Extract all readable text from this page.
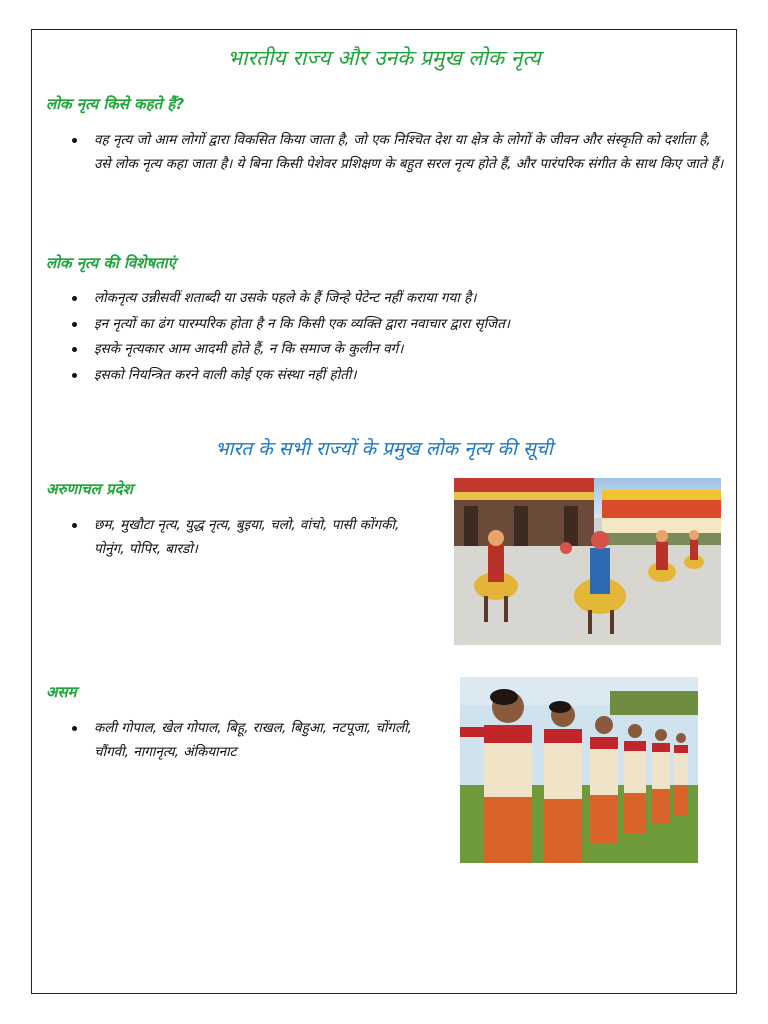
भारतीय राज्य और उनके प्रमुख लोक नृत्य
लोक नृत्य किसे कहते हैं?
वह नृत्य जो आम लोगों द्वारा विकसित किया जाता है, जो एक निश्चित देश या क्षेत्र के लोगों के जीवन और संस्कृति को दर्शाता है, उसे लोक नृत्य कहा जाता है। ये बिना किसी पेशेवर प्रशिक्षण के बहुत सरल नृत्य होते हैं, और पारंपरिक संगीत के साथ किए जाते हैं।
लोक नृत्य की विशेषताएं
लोकनृत्य उन्नीसवीं शताब्दी या उसके पहले के हैं जिन्हे पेटेन्ट नहीं कराया गया है।
इन नृत्यों का ढंग पारम्परिक होता है न कि किसी एक व्यक्ति द्वारा नवाचार द्वारा सृजित।
इसके नृत्यकार आम आदमी होते हैं, न कि समाज के कुलीन वर्ग।
इसको नियन्त्रित करने वाली कोई एक संस्था नहीं होती।
भारत के सभी राज्यों के प्रमुख लोक नृत्य की सूची
अरुणाचल प्रदेश
छम, मुखौटा नृत्य, युद्ध नृत्य, बुइया, चलो, वांचो, पासी कोंगकी, पोनुंग, पोपिर, बारडो।
असम
कली गोपाल, खेल गोपाल, बिहू, राखल, बिहुआ, नटपूजा, चोंगली, चौंगवी, नागानृत्य, अंकियानाट
